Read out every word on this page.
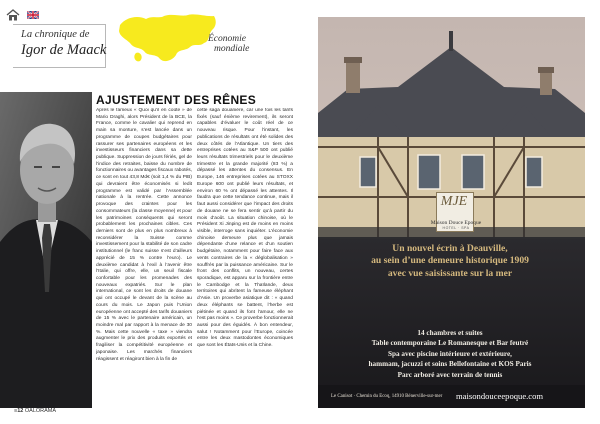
La chronique de
Igor de Maack
Économie
mondiale
AJUSTEMENT DES RÊNES
Après le fameux « Quoi qu’il en coûte » de Mario Draghi, alors Président de la BCE, la France, comme le cavalier qui reprend en main sa monture, s’est lancée dans un programme de coupes budgétaires pour rassurer ses partenaires européens et les investisseurs financiers dans sa dette publique. Suppression de jours fériés, gel de l’indice des retraites, baisse du nombre de fonctionnaires ou avantages fiscaux rabotés, ce sont en tout 43,8 Md€ (soit 1,4 % du PIB) qui devraient être économisés si ledit programme est validé par l’Assemblée nationale à la rentrée. Cette annonce provoque des craintes pour les consommateurs (la classe moyenne) et pour les patrimoines conséquents qui seront probablement les prochaines cibles. Ces derniers sont de plus en plus nombreux à reconsidérer la Suisse comme investissement pour la stabilité de son cadre institutionnel (le franc suisse s’est d’ailleurs apprécié de 15 % contre l’euro). Le deuxième candidat à l’exil à l’avenir être l’Italie, qui offre, elle, un seuil fiscale confortable pour les promenades des nouveaux expatriés. Sur le plan international, ce sont les droits de douane qui ont occupé le devant de la scène au cours du mois. Le Japon puis l’Union européenne ont accepté des tarifs douaniers de 15 % avec le partenaire américain, un moindre mal par rapport à la menace de 30 %. Mais cette nouvelle « taxe » viendra augmenter le prix des produits exportés et fragiliser la compétitivité européenne et japonaise. Les marchés financiers réagissent et réagiront bien à la fin de
cette saga douanière, car une fois les tarifs fixés (sauf énième revirement), ils seront capables d’évaluer le coût réel de ce nouveau risque. Pour l’instant, les publications de résultats ont été solides des deux côtés de l’Atlantique. Un tiers des entreprises cotées au S&P 500 ont publié leurs résultats trimestriels pour le deuxième trimestre et la grande majorité (83 %) a dépassé les attentes du consensus. En Europe, 146 entreprises cotées au STOXX Europe 600 ont publié leurs résultats, et environ 60 % ont dépassé les attentes. Il faudra que cette tendance continue, mais il faut aussi considérer que l’impact des droits de douane ne se fera sentir qu’à partir du mois d’août. La situation chinoise, où le Président Xi Jinping est de moins en moins visible, interroge sans inquiéter. L’économie chinoise demeure plus que jamais dépendante d’une relance et d’un soutien budgétaire, notamment pour faire face aux vents contraires de la « déglobalisation » souffrés par la puissance américaine. Sur le front des conflits, un nouveau, certes sporadique, est apparu sur la frontière entre le Cambodge et la Thaïlande, deux territoires qui abritent la fameuse éléphant d’Asie. Un proverbe asiatique dit : « quand deux éléphants se battent, l’herbe est piétinée et quand ils font l’amour, elle ne l’est pas moins ». Ce proverbe fonctionnerait aussi pour des éguidés. À bon entendeur, salut ! Notamment pour l’Europe, coincée entre les deux mastodontes économiques que sont les États-Unis et la Chine.
≡12 OALORAMA
MJE
Maison Douce Epoque
HOTEL · SPA
Un nouvel écrin à Deauville,
au sein d’une demeure historique 1909
avec vue saisissante sur la mer
14 chambres et suites
Table contemporaine Le Romanesque et Bar feutré
Spa avec piscine intérieure et extérieure,
hammam, jacuzzi et soins Bellefontaine et KOS Paris
Parc arboré avec terrain de tennis
Le Canisot · Chemin du Ecoq, 14910 Bénerville-sur-mer maisondouceepoque.com
